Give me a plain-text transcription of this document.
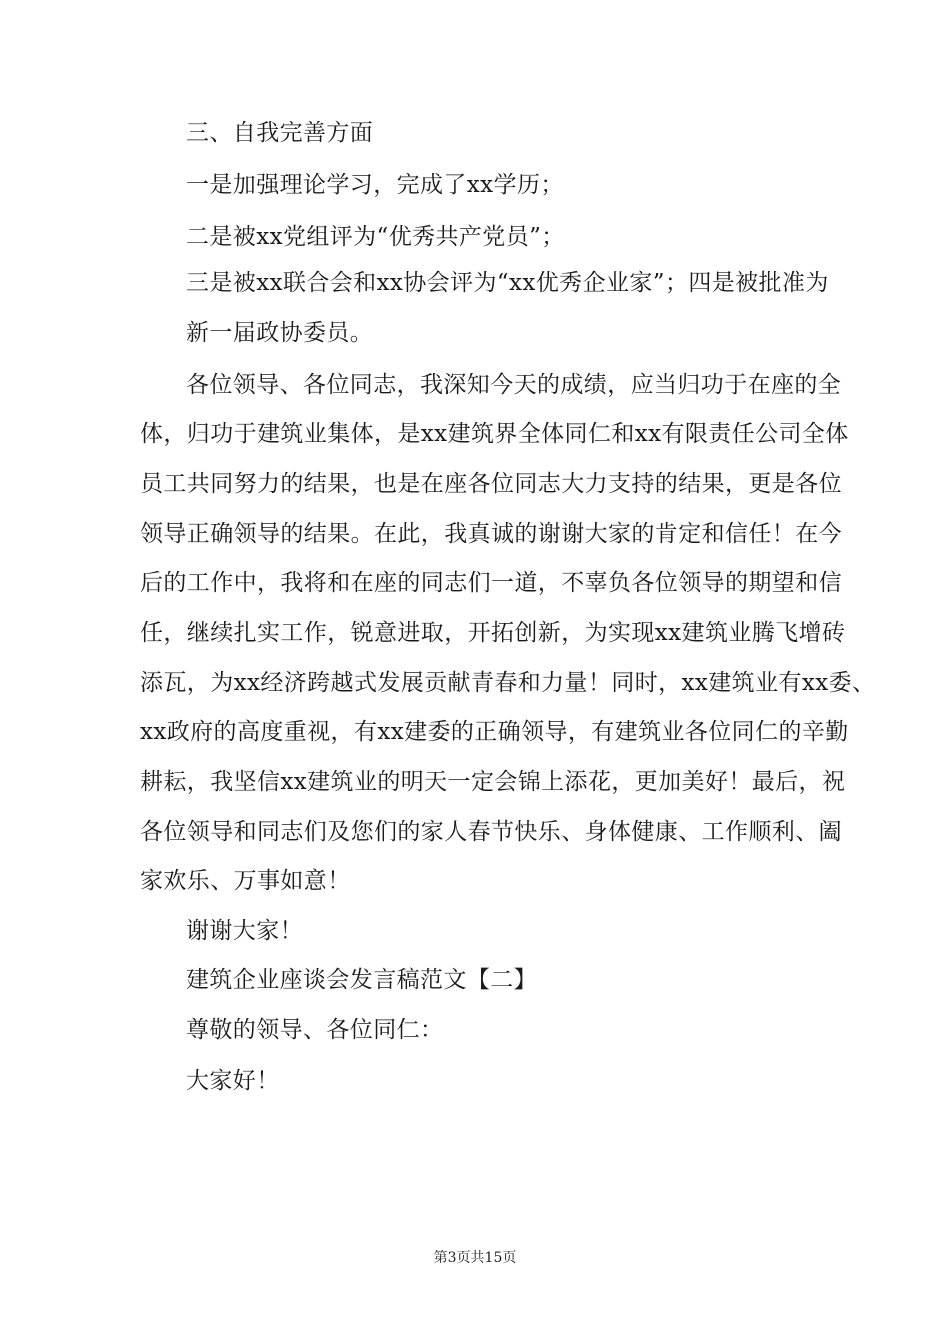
三、自我完善方面
一是加强理论学习，完成了xx学历；
二是被xx党组评为“优秀共产党员”；
三是被xx联合会和xx协会评为“xx优秀企业家”；四是被批准为
新一届政协委员。
各位领导、各位同志，我深知今天的成绩，应当归功于在座的全
体，归功于建筑业集体，是xx建筑界全体同仁和xx有限责任公司全体
员工共同努力的结果，也是在座各位同志大力支持的结果，更是各位
领导正确领导的结果。在此，我真诚的谢谢大家的肯定和信任！在今
后的工作中，我将和在座的同志们一道，不辜负各位领导的期望和信
任，继续扎实工作，锐意进取，开拓创新，为实现xx建筑业腾飞增砖
添瓦，为xx经济跨越式发展贡献青春和力量！同时，xx建筑业有xx委、
xx政府的高度重视，有xx建委的正确领导，有建筑业各位同仁的辛勤
耕耘，我坚信xx建筑业的明天一定会锦上添花，更加美好！最后，祝
各位领导和同志们及您们的家人春节快乐、身体健康、工作顺利、阖
家欢乐、万事如意！
谢谢大家！
建筑企业座谈会发言稿范文【二】
尊敬的领导、各位同仁：
大家好！
第3页共15页
